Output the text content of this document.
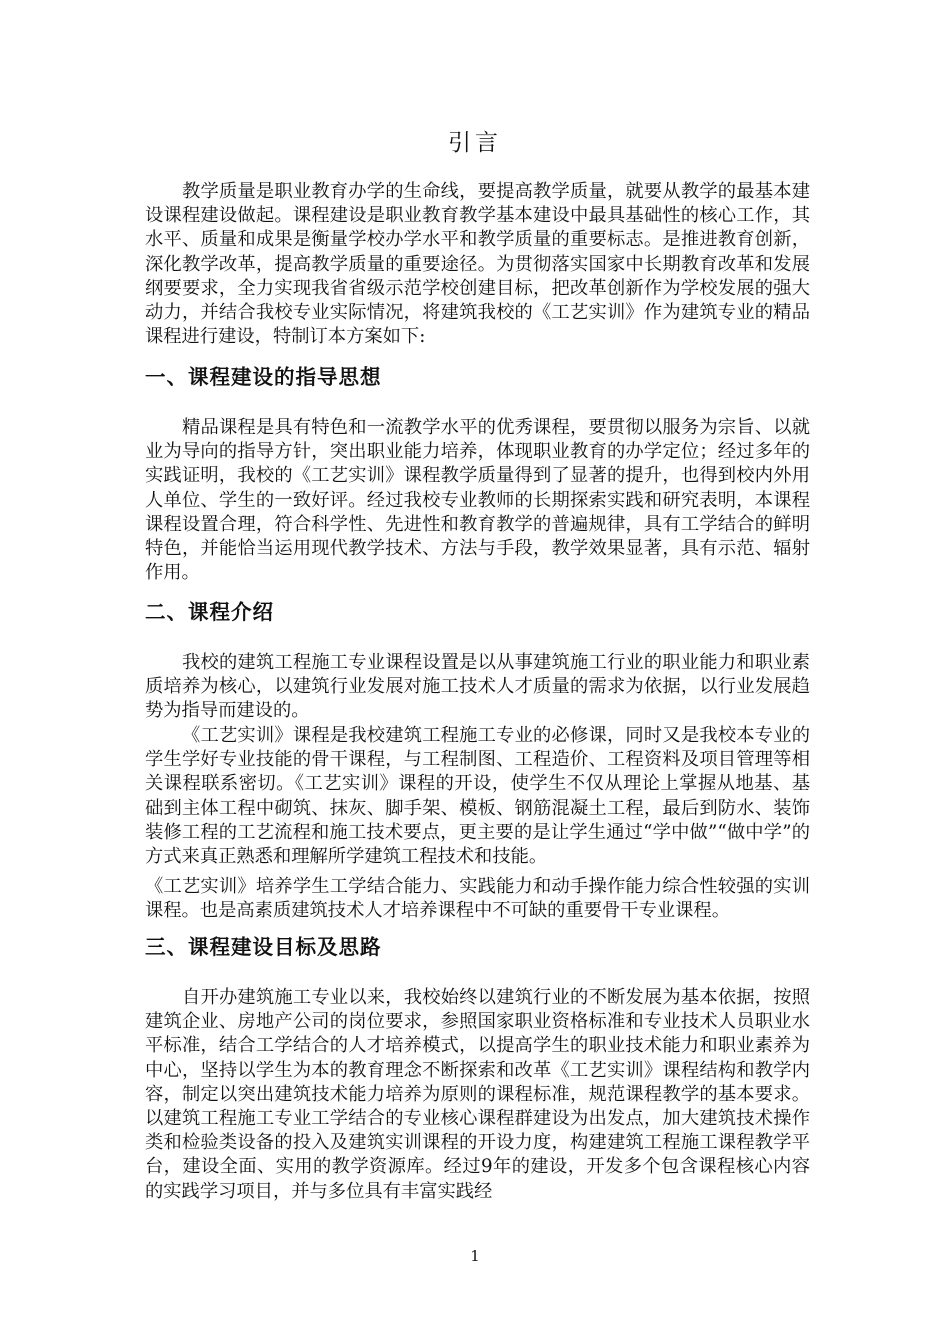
引言

教学质量是职业教育办学的生命线，要提高教学质量，就要从教学的最基本建设课程建设做起。课程建设是职业教育教学基本建设中最具基础性的核心工作，其水平、质量和成果是衡量学校办学水平和教学质量的重要标志。是推进教育创新，深化教学改革，提高教学质量的重要途径。为贯彻落实国家中长期教育改革和发展纲要要求，全力实现我省省级示范学校创建目标，把改革创新作为学校发展的强大动力，并结合我校专业实际情况，将建筑我校的《工艺实训》作为建筑专业的精品课程进行建设，特制订本方案如下:

一、课程建设的指导思想

精品课程是具有特色和一流教学水平的优秀课程，要贯彻以服务为宗旨、以就业为导向的指导方针，突出职业能力培养，体现职业教育的办学定位；经过多年的实践证明，我校的《工艺实训》课程教学质量得到了显著的提升，也得到校内外用人单位、学生的一致好评。经过我校专业教师的长期探索实践和研究表明，本课程课程设置合理，符合科学性、先进性和教育教学的普遍规律，具有工学结合的鲜明特色，并能恰当运用现代教学技术、方法与手段，教学效果显著，具有示范、辐射作用。

二、课程介绍

我校的建筑工程施工专业课程设置是以从事建筑施工行业的职业能力和职业素质培养为核心，以建筑行业发展对施工技术人才质量的需求为依据，以行业发展趋势为指导而建设的。

《工艺实训》课程是我校建筑工程施工专业的必修课，同时又是我校本专业的学生学好专业技能的骨干课程，与工程制图、工程造价、工程资料及项目管理等相关课程联系密切。《工艺实训》课程的开设，使学生不仅从理论上掌握从地基、基础到主体工程中砌筑、抹灰、脚手架、模板、钢筋混凝土工程，最后到防水、装饰装修工程的工艺流程和施工技术要点，更主要的是让学生通过“学中做”“做中学”的方式来真正熟悉和理解所学建筑工程技术和技能。

《工艺实训》培养学生工学结合能力、实践能力和动手操作能力综合性较强的实训课程。也是高素质建筑技术人才培养课程中不可缺的重要骨干专业课程。

三、课程建设目标及思路

自开办建筑施工专业以来，我校始终以建筑行业的不断发展为基本依据，按照建筑企业、房地产公司的岗位要求，参照国家职业资格标准和专业技术人员职业水平标准，结合工学结合的人才培养模式，以提高学生的职业技术能力和职业素养为中心，坚持以学生为本的教育理念不断探索和改革《工艺实训》课程结构和教学内容，制定以突出建筑技术能力培养为原则的课程标准，规范课程教学的基本要求。以建筑工程施工专业工学结合的专业核心课程群建设为出发点，加大建筑技术操作类和检验类设备的投入及建筑实训课程的开设力度，构建建筑工程施工课程教学平台，建设全面、实用的教学资源库。经过9年的建设，开发多个包含课程核心内容的实践学习项目，并与多位具有丰富实践经

1
